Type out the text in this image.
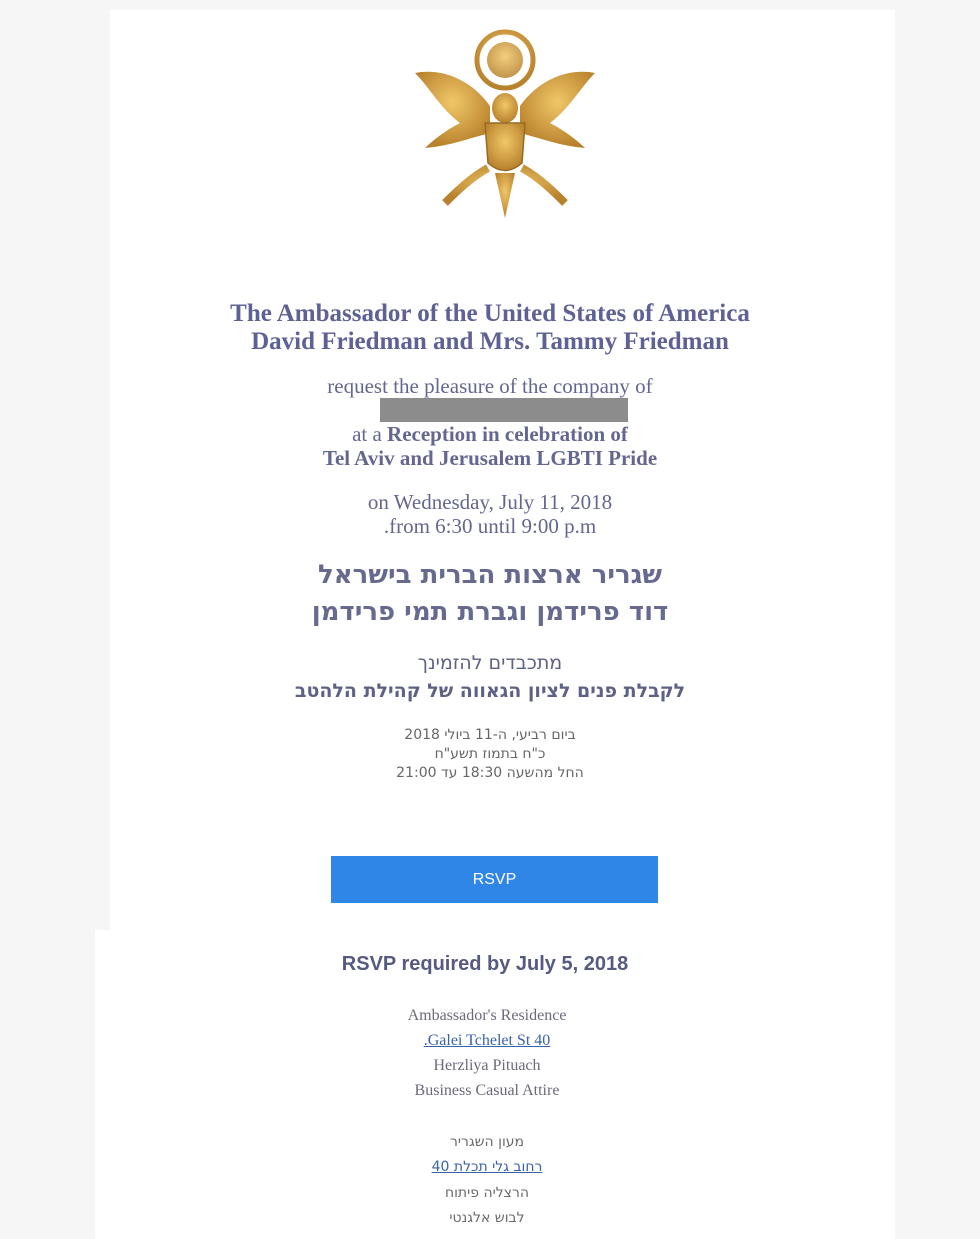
The Ambassador of the United States of America
David Friedman and Mrs. Tammy Friedman
request the pleasure of the company of
at a Reception in celebration of
Tel Aviv and Jerusalem LGBTI Pride
on Wednesday, July 11, 2018
.from 6:30 until 9:00 p.m
שגריר ארצות הברית בישראל
דוד פרידמן וגברת תמי פרידמן
מתכבדים להזמינך
לקבלת פנים לציון הגאווה של קהילת הלהטב
ביום רביעי, ה-11 ביולי 2018
כ"ח בתמוז תשע"ח
החל מהשעה 18:30 עד 21:00
RSVP
RSVP required by July 5, 2018
Ambassador's Residence
.Galei Tchelet St 40
Herzliya Pituach
Business Casual Attire
מעון השגריר
רחוב גלי תכלת 40
הרצליה פיתוח
לבוש אלגנטי
